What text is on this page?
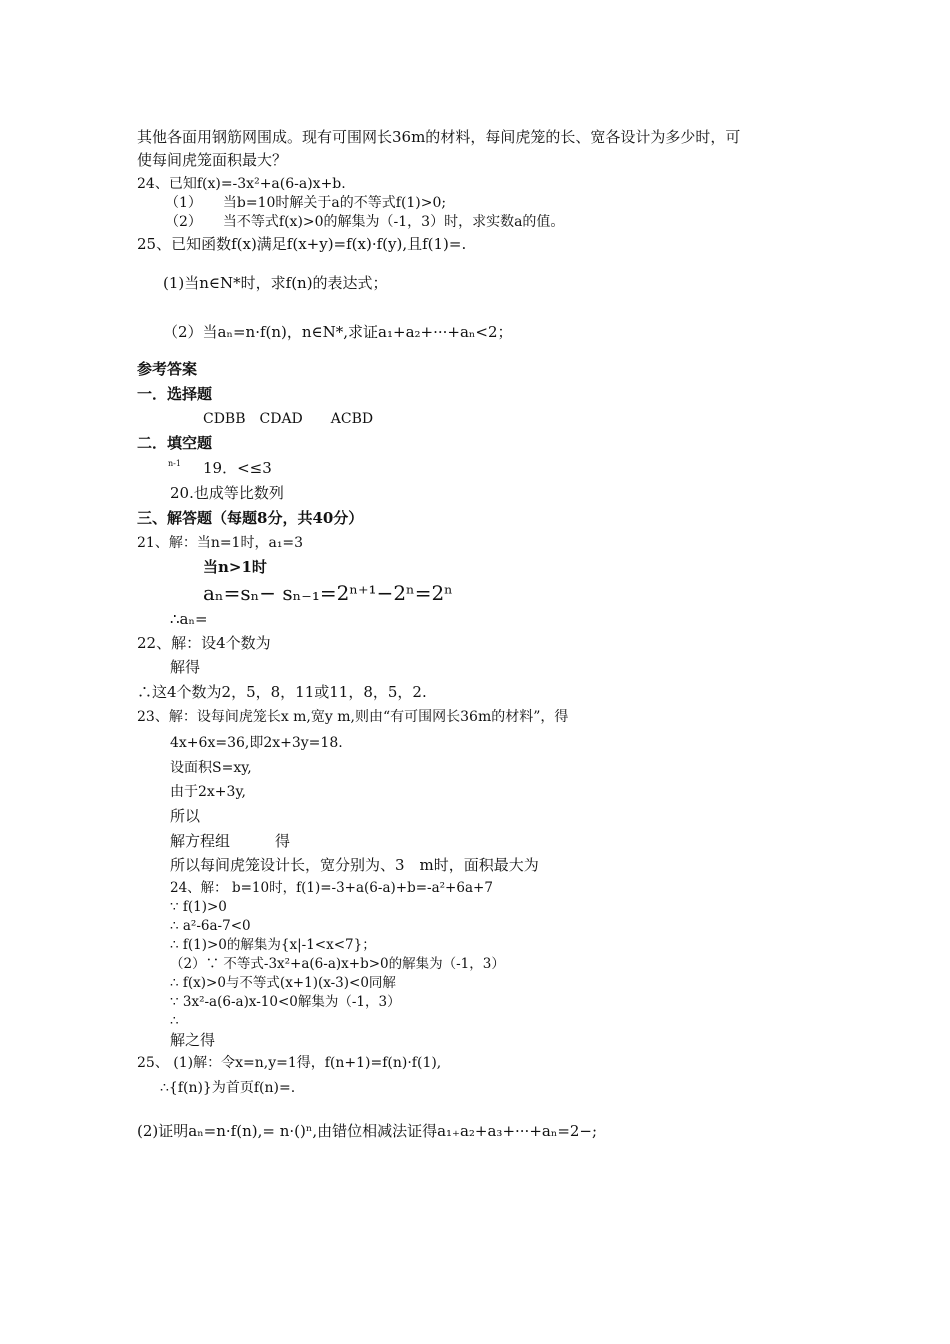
其他各面用钢筋网围成。现有可围网长36m的材料，每间虎笼的长、宽各设计为多少时，可
使每间虎笼面积最大？
24、已知f(x)=-3x²+a(6-a)x+b.
（1）　　当b=10时解关于a的不等式f(1)>0;
（2）　　当不等式f(x)>0的解集为（-1，3）时，求实数a的值。
25、已知函数f(x)满足f(x+y)=f(x)·f(y),且f(1)=.
(1)当n∈N*时，求f(n)的表达式；
（2）当aₙ=n·f(n)，n∈N*,求证a₁+a₂+···+aₙ<2；
参考答案
一．选择题
CDBB　CDAD　　ACBD
二．填空题
n-1 19．<≤3
20.也成等比数列
三、解答题（每题8分，共40分）
21、解：当n=1时，a₁=3
当n>1时
aₙ=sₙ− sₙ₋₁=2ⁿ⁺¹−2ⁿ=2ⁿ
∴aₙ=
22、解：设4个数为
解得
∴这4个数为2，5，8，11或11，8，5，2.
23、解：设每间虎笼长x m,宽y m,则由“有可围网长36m的材料”，得
4x+6x=36,即2x+3y=18.
设面积S=xy,
由于2x+3y,
所以
解方程组　　　得
所以每间虎笼设计长，宽分别为、3　m时，面积最大为
24、解： b=10时，f(1)=-3+a(6-a)+b=-a²+6a+7
∵ f(1)>0
∴ a²-6a-7<0
∴ f(1)>0的解集为{x|-1<x<7}；
（2）∵ 不等式-3x²+a(6-a)x+b>0的解集为（-1，3）
∴ f(x)>0与不等式(x+1)(x-3)<0同解
∵ 3x²-a(6-a)x-10<0解集为（-1，3）
∴
解之得
25、 (1)解：令x=n,y=1得，f(n+1)=f(n)·f(1),
∴{f(n)}为首页f(n)=.
(2)证明aₙ=n·f(n),= n·()ⁿ,由错位相减法证得a₁₊a₂+a₃+···+aₙ=2−;
